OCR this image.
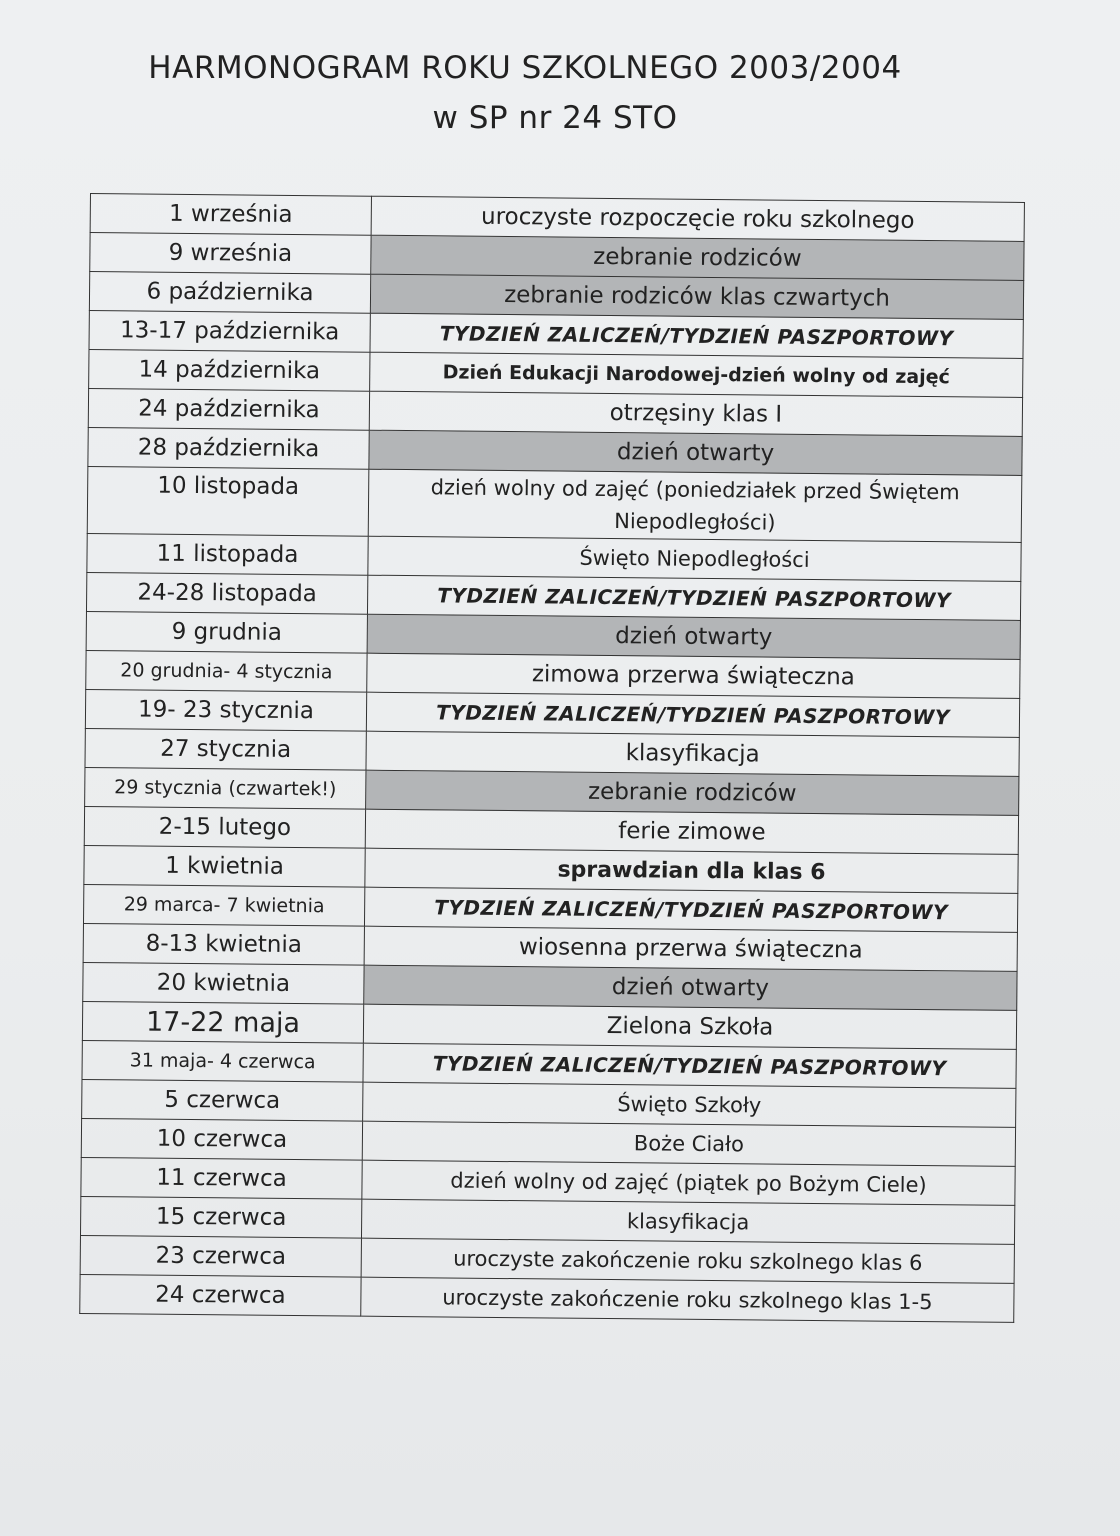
HARMONOGRAM ROKU SZKOLNEGO 2003/2004
w SP nr 24 STO
1 września	uroczyste rozpoczęcie roku szkolnego
9 września	zebranie rodziców
6 października	zebranie rodziców klas czwartych
13-17 października	TYDZIEŃ ZALICZEŃ/TYDZIEŃ PASZPORTOWY
14 października	Dzień Edukacji Narodowej-dzień wolny od zajęć
24 października	otrzęsiny klas I
28 października	dzień otwarty
10 listopada	dzień wolny od zajęć (poniedziałek przed Świętem Niepodległości)
11 listopada	Święto Niepodległości
24-28 listopada	TYDZIEŃ ZALICZEŃ/TYDZIEŃ PASZPORTOWY
9 grudnia	dzień otwarty
20 grudnia- 4 stycznia	zimowa przerwa świąteczna
19- 23 stycznia	TYDZIEŃ ZALICZEŃ/TYDZIEŃ PASZPORTOWY
27 stycznia	klasyfikacja
29 stycznia (czwartek!)	zebranie rodziców
2-15 lutego	ferie zimowe
1 kwietnia	sprawdzian dla klas 6
29 marca- 7 kwietnia	TYDZIEŃ ZALICZEŃ/TYDZIEŃ PASZPORTOWY
8-13 kwietnia	wiosenna przerwa świąteczna
20 kwietnia	dzień otwarty
17-22 maja	Zielona Szkoła
31 maja- 4 czerwca	TYDZIEŃ ZALICZEŃ/TYDZIEŃ PASZPORTOWY
5 czerwca	Święto Szkoły
10 czerwca	Boże Ciało
11 czerwca	dzień wolny od zajęć (piątek po Bożym Ciele)
15 czerwca	klasyfikacja
23 czerwca	uroczyste zakończenie roku szkolnego klas 6
24 czerwca	uroczyste zakończenie roku szkolnego klas 1-5
